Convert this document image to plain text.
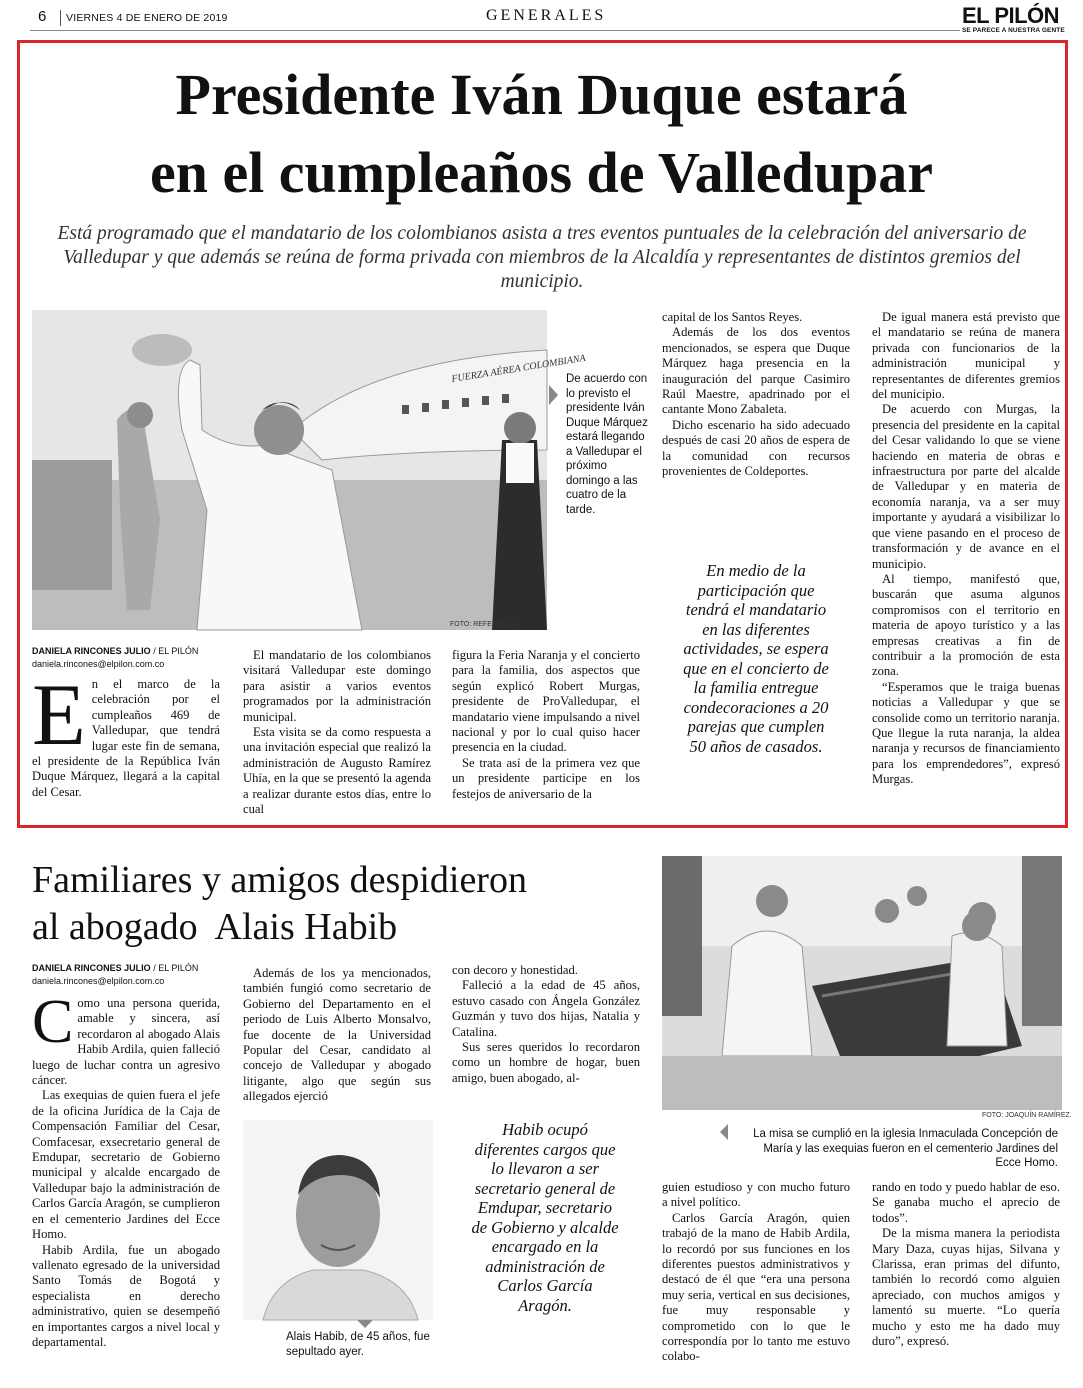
6 VIERNES 4 DE ENERO DE 2019	GENERALES	EL PILÓN
SE PARECE A NUESTRA GENTE
Presidente Iván Duque estará
en el cumpleaños de Valledupar
Está programado que el mandatario de los colombianos asista a tres eventos puntuales de la celebración del aniversario de Valledupar y que además se reúna de forma privada con miembros de la Alcaldía y representantes de distintos gremios del municipio.
FUERZA AÉREA COLOMBIANA
FOTO: REFERENCIA.
De acuerdo con lo previsto el presidente Iván Duque Márquez estará llegando a Valledupar el próximo domingo a las cuatro de la tarde.
DANIELA RINCONES JULIO / EL PILÓN
daniela.rincones@elpilon.com.co
En el marco de la celebración por el cumpleaños 469 de Valledupar, que tendrá lugar este fin de semana, el presidente de la República Iván Duque Márquez, llegará a la capital del Cesar.

El mandatario de los colombianos visitará Valledupar este domingo para asistir a varios eventos programados por la administración municipal.

Esta visita se da como respuesta a una invitación especial que realizó la administración de Augusto Ramírez Uhía, en la que se presentó la agenda a realizar durante estos días, entre lo cual

figura la Feria Naranja y el concierto para la familia, dos aspectos que según explicó Robert Murgas, presidente de ProValledupar, el mandatario viene impulsando a nivel nacional y por lo cual quiso hacer presencia en la ciudad.

Se trata así de la primera vez que un presidente participe en los festejos de aniversario de la

capital de los Santos Reyes.

Además de los dos eventos mencionados, se espera que Duque Márquez haga presencia en la inauguración del parque Casimiro Raúl Maestre, apadrinado por el cantante Mono Zabaleta.

Dicho escenario ha sido adecuado después de casi 20 años de espera de la comunidad con recursos provenientes de Coldeportes.

En medio de la participación que tendrá el mandatario en las diferentes actividades, se espera que en el concierto de la familia entregue condecoraciones a 20 parejas que cumplen 50 años de casados.

De igual manera está previsto que el mandatario se reúna de manera privada con funcionarios de la administración municipal y representantes de diferentes gremios del municipio.

De acuerdo con Murgas, la presencia del presidente en la capital del Cesar validando lo que se viene haciendo en materia de obras e infraestructura por parte del alcalde de Valledupar y en materia de economía naranja, va a ser muy importante y ayudará a visibilizar lo que viene pasando en el proceso de transformación y de avance en el municipio.

Al tiempo, manifestó que, buscarán que asuma algunos compromisos con el territorio en materia de apoyo turístico y a las empresas creativas a fin de contribuir a la promoción de esta zona.

“Esperamos que le traiga buenas noticias a Valledupar y que se consolide como un territorio naranja. Que llegue la ruta naranja, la aldea naranja y recursos de financiamiento para los emprendedores”, expresó Murgas.

Familiares y amigos despidieron
al abogado  Alais Habib
DANIELA RINCONES JULIO / EL PILÓN
daniela.rincones@elpilon.com.co
Como una persona querida, amable y sincera, así recordaron al abogado Alais Habib Ardila, quien falleció luego de luchar contra un agresivo cáncer.

Las exequias de quien fuera el jefe de la oficina Jurídica de la Caja de Compensación Familiar del Cesar, Comfacesar, exsecretario general de Emdupar, secretario de Gobierno municipal y alcalde encargado de Valledupar bajo la administración de Carlos García Aragón, se cumplieron en el cementerio Jardines del Ecce Homo.

Habib Ardila, fue un abogado vallenato egresado de la universidad Santo Tomás de Bogotá y especialista en derecho administrativo, quien se desempeñó en importantes cargos a nivel local y departamental.

Además de los ya mencionados, también fungió como secretario de Gobierno del Departamento en el periodo de Luis Alberto Monsalvo, fue docente de la Universidad Popular del Cesar, candidato al concejo de Valledupar y abogado litigante, algo que según sus allegados ejerció

con decoro y honestidad.

Falleció a la edad de 45 años, estuvo casado con Ángela González Guzmán y tuvo dos hijas, Natalia y Catalina.

Sus seres queridos lo recordaron como un hombre de hogar, buen amigo, buen abogado, al-

Alais Habib, de 45 años, fue sepultado ayer.
Habib ocupó diferentes cargos que lo llevaron a ser secretario general de Emdupar, secretario de Gobierno y alcalde encargado en la administración de Carlos García Aragón.
FOTO: JOAQUÍN RAMÍREZ.
La misa se cumplió en la iglesia Inmaculada Concepción de María y las exequias fueron en el cementerio Jardines del Ecce Homo.

guien estudioso y con mucho futuro a nivel político.

Carlos García Aragón, quien trabajó de la mano de Habib Ardila, lo recordó por sus funciones en los diferentes puestos administrativos y destacó de él que “era una persona muy seria, vertical en sus decisiones, fue muy responsable y comprometido con lo que le correspondía por lo tanto me estuvo colabo-

rando en todo y puedo hablar de eso. Se ganaba mucho el aprecio de todos”.

De la misma manera la periodista Mary Daza, cuyas hijas, Silvana y Clarissa, eran primas del difunto, también lo recordó como alguien apreciado, con muchos amigos y lamentó su muerte. “Lo quería mucho y esto me ha dado muy duro”, expresó.
